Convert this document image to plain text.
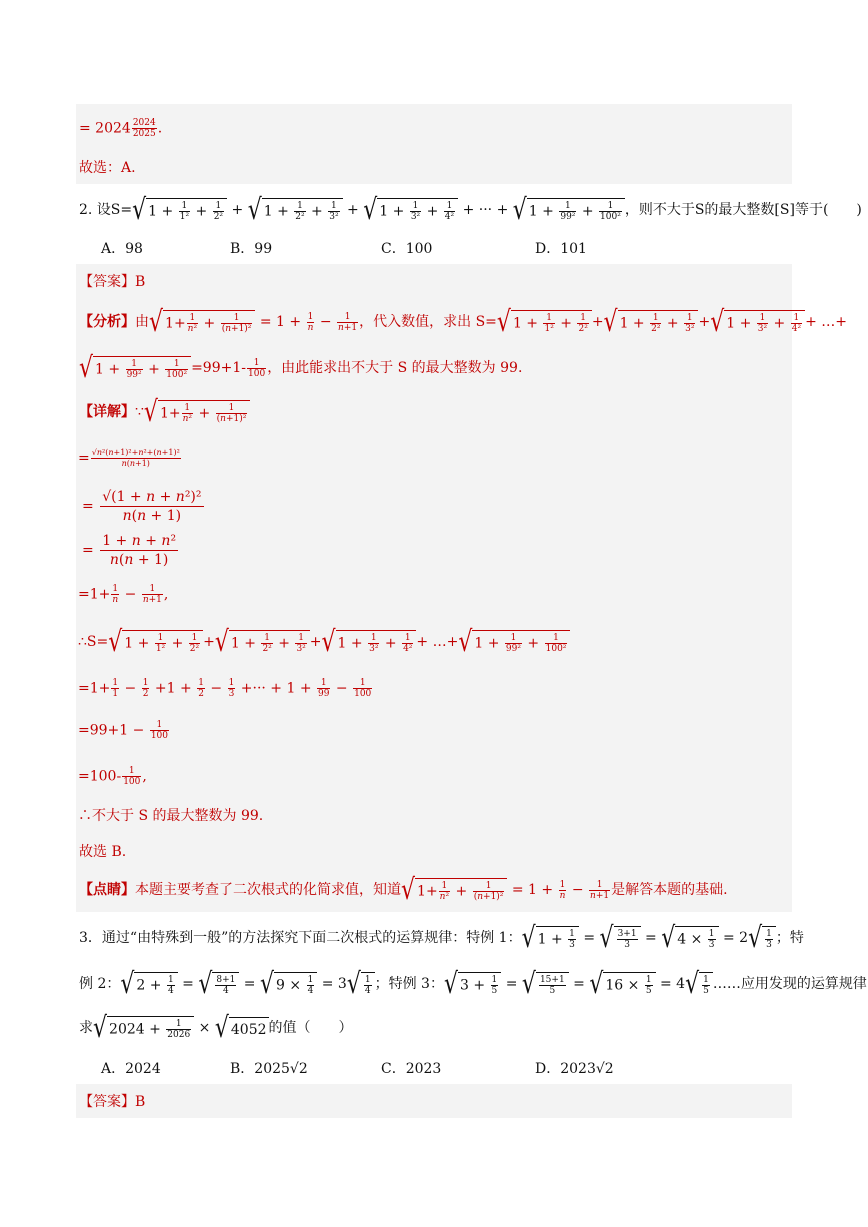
= $2024 \frac{2024}{2025}$ .
故选：A.
2. 设S=√ $1 + \frac{1}{\text{1²}} + \frac{1}{\text{2²}}$ + √ $1 + \frac{1}{\text{2²}} + \frac{1}{\text{3²}}$ + √ $1 + \frac{1}{\text{3²}} + \frac{1}{\text{4²}}$ + ··· + √ $1 + \frac{1}{\text{99²}} + \frac{1}{\text{100²}}$ ，则不大于S的最大整数[S]等于(　　)
A．98	B．99	C．100	D．101
【答案】B
【分析】由√ $1+ \frac{1}{\text{n²}} + \frac{1}{\text{(n+1)²}} = 1 + \frac{1}{n} - \frac{1}{n+1}$ ，代入数值，求出 S=√ $1 + \frac{1}{\text{1²}} + \frac{1}{\text{2²}}$ +√ $1 + \frac{1}{\text{2²}} + \frac{1}{\text{3²}}$ +√ $1 + \frac{1}{\text{3²}} + \frac{1}{\text{4²}}$ + …+
√ $1 + \frac{1}{\text{99²}} + \frac{1}{\text{100²}} =99+1- \frac{1}{100}$ ，由此能求出不大于 S 的最大整数为 99.
【详解】∵√ $1+ \frac{1}{\text{n²}} + \frac{1}{\text{(n+1)²}}$
= $\frac{\text{√n²(n+1)²+n²+(n+1)²}}{n(n+1)}$
= $\frac{\text{√(1 + n + n²)²}}{n(n + 1)}$
= $\frac{\text{1 + n + n²}}{n(n + 1)}$
$=1+ \frac{1}{n} - \frac{1}{n+1}$ ,
∴S=√ $1 + \frac{1}{\text{1²}} + \frac{1}{\text{2²}}$ +√ $1 + \frac{1}{\text{2²}} + \frac{1}{\text{3²}}$ +√ $1 + \frac{1}{\text{3²}} + \frac{1}{\text{4²}}$ + …+√ $1 + \frac{1}{\text{99²}} + \frac{1}{\text{100²}}$
$=1+ \frac{1}{1} - \frac{1}{2} +1 + \frac{1}{2} - \frac{1}{3}$ +··· + $1 + \frac{1}{99} - \frac{1}{100}$
$=99+1 - \frac{1}{100}$
$=100- \frac{1}{100}$ ,
∴不大于 S 的最大整数为 99.
故选 B.
【点睛】本题主要考查了二次根式的化简求值，知道√ $1+ \frac{1}{\text{n²}} + \frac{1}{\text{(n+1)²}} = 1 + \frac{1}{n} - \frac{1}{n+1}$ 是解答本题的基础.
3．通过“由特殊到一般”的方法探究下面二次根式的运算规律：特例 1：√ $1 + \frac{1}{3}$ = √ $\frac{3+1}{3}$ = √ $4 \times \frac{1}{3} = 2√ \frac{1}{3}$ ；特
例 2：√ $2 + \frac{1}{4}$ = √ $\frac{8+1}{4}$ = √ $9 \times \frac{1}{4} = 3√ \frac{1}{4}$ ；特例 3：√ $3 + \frac{1}{5}$ = √ $\frac{15+1}{5}$ = √ $16 \times \frac{1}{5} = 4√ \frac{1}{5}$ ……应用发现的运算规律
求√ $2024 + \frac{1}{2026}$ × √ 4052 的值（　　）
A．2024	B．2025√2	C．2023	D．2023√2
【答案】B
